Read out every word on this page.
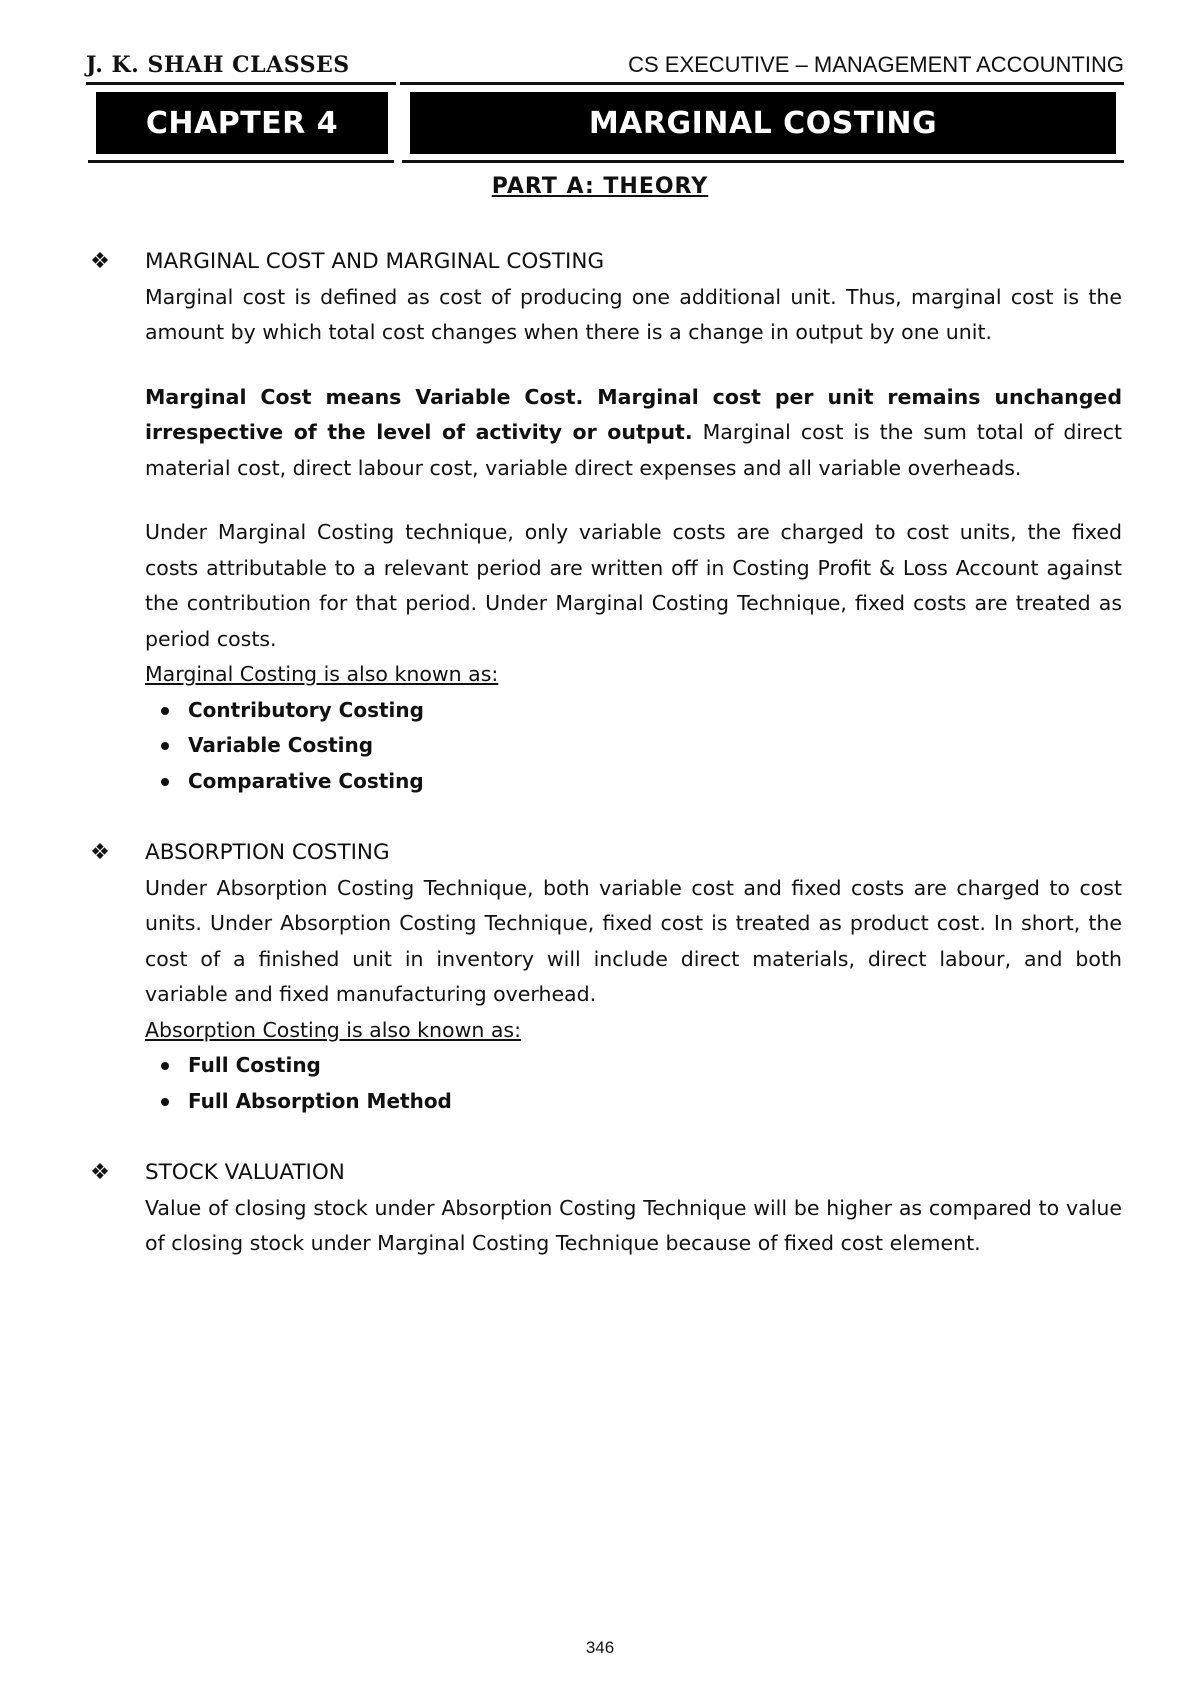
J. K. SHAH CLASSES	CS EXECUTIVE – MANAGEMENT ACCOUNTING
CHAPTER 4	MARGINAL COSTING
PART A: THEORY
❖ MARGINAL COST AND MARGINAL COSTING

Marginal cost is defined as cost of producing one additional unit. Thus, marginal cost is the amount by which total cost changes when there is a change in output by one unit.

Marginal Cost means Variable Cost. Marginal cost per unit remains unchanged irrespective of the level of activity or output. Marginal cost is the sum total of direct material cost, direct labour cost, variable direct expenses and all variable overheads.

Under Marginal Costing technique, only variable costs are charged to cost units, the fixed costs attributable to a relevant period are written off in Costing Profit & Loss Account against the contribution for that period. Under Marginal Costing Technique, fixed costs are treated as period costs.

Marginal Costing is also known as:
Contributory Costing
Variable Costing
Comparative Costing
❖ ABSORPTION COSTING

Under Absorption Costing Technique, both variable cost and fixed costs are charged to cost units. Under Absorption Costing Technique, fixed cost is treated as product cost. In short, the cost of a finished unit in inventory will include direct materials, direct labour, and both variable and fixed manufacturing overhead.

Absorption Costing is also known as:
Full Costing
Full Absorption Method
❖ STOCK VALUATION

Value of closing stock under Absorption Costing Technique will be higher as compared to value of closing stock under Marginal Costing Technique because of fixed cost element.

346
